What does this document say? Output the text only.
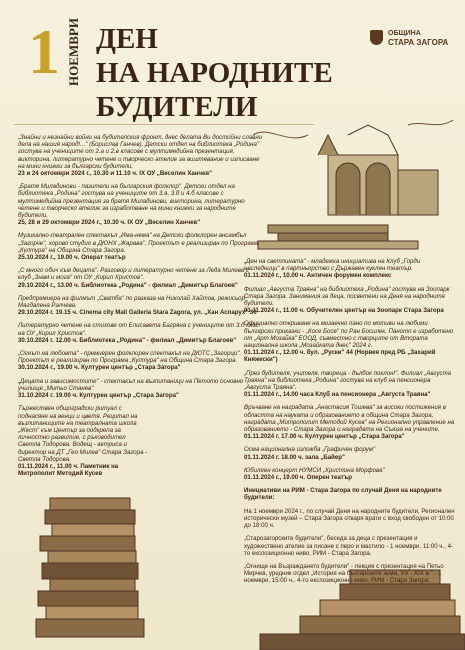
1 НОЕМВРИ ДЕН
НА НАРОДНИТЕ
БУДИТЕЛИ
ОБЩИНА
СТАРА ЗАГОРА

„Знайни и незнайни войни на будителския фронт, днес делата Ви достойни славни дела на нашия народ!..." (Борислав Ганчев). Детски отдел на библиотека „Родина" гостува на учениците от 2.а и 2.в класове с мултимедийна презентация, викторина, литературно четене и творческо ателие за аиштевание и изписване на мини книжки за български будители.
23 и 24 октомври 2024 г., 10.30 и 11.10 ч. IX ОУ „Веселин Ханчев"

„Братя Миладинови - пазители на българския фолклор". Детски отдел на библиотека „Родина" гостува на учениците от 3.а, 3.б и 4.б класове с мултимедийна презентация за братя Миладинови, викторина, литературно четене и творческо ателие за изработване на мини книжки за народните будители.
25, 28 и 29 октомври 2024 г., 10.30 ч. IX ОУ „Веселин Ханчев"

Музикално-театрален спектакъл „Има-нема" на Детски фолклорен ансамбъл „Загорче", хорово студио в ДЮНХ „Жарава". Проектът е реализиран по Програма „Култура" на Община Стара Загора.
25.10.2024 г., 19.00 ч. Операт театър

„С много обич към децата". Разговор и литературно четене за Леда Милева с клуб „Знам и мога" от ОУ „Кирил Христов".
29.10.2024 г., 13.00 ч. Библиотека „Родина" - филиал „Димитър Благоев"

Предпремиера на филмът „Сватба" по разказа на Николай Хайтов, режисьор Магдалена Ралчева.
29.10.2024 г. 19.15 ч. Cinema city Mall Galleria Stara Zagora, ул. „Хан Аспарух" 30

Литературно четене на стихове от Елисавета Багряна с учениците от 3.б клас на ОУ „Кирил Христов".
30.10.2024 г. 12.00 ч. Библиотека „Родина" - филиал „Димитър Благоев"

„Огнът на любовта" - премиерен фолклорен спектакъл на ДЮТС „Загорци". Проектът е реализиран по Програма „Култура" на Община Стара Загора.
30.10.2024 г., 19.00 ч. Културен център „Стара Загора"

„Децата и зависимостите" - спектакъл на възпитаници на Петото основно училище „Митьо Станев"
31.10.2024 г. 19.00 ч. Културен център „Стара Загора"

Тържествен общоградски ритуал с поднасяне на венци и цветя. Рецитал на възпитаниците на театралната школа „Жест" към Център за подкрепа за личностно развитие, с ръководител Светла Тодорова. Водещ - актриса и директор на ДТ „Гео Милев" Стара Загора - Светла Тодорова.
01.11.2024 г., 11.00 ч. Паметник на Митрополит Методий Кусев

„Ден на светлината" - младежка инициатива на Клуб „Горди наследници" в партньорство с Държавен куклен театър.
01.11.2024 г., 10.00 ч. Античен форумен комплекс

Филиал „Августа Траяна" на библиотека „Родина" гостува на Зоопарк Стара Загора. Занимания за деца, посветени на Деня на народните будители.
01.11.2024 г., 11.00 ч. Обучителен център на Зоопарк Стара Загора

Официално откриване на мозаечно пано по мотиви на любими български приказки - „Косе Босе" по Ран Босилек. Паното е изработено от „Арт Мозайка" ЕООД, съвместно с творците от Втората национална школа „Мозайката днес" 2024 г.
01.11.2024 г., 12.00 ч. бул. „Руски" 44 (Норвея пред РБ „Захарий Княжески")

„През будителя, учителя, твореца - дълбок поклон!". Филиал „Августа Траяна" на библиотека „Родина" гостува на клуб на пенсионера „Августа Траяна".
01.11.2024 г., 14.00 часа Клуб на пенсионера „Августа Траяна"

Връчване на наградата „Анастасия Тошева" за високи постижения в областта на науката и образованието в община Стара Загора, наградата „Митрополит Методий Кусев" на Регионално управление на образованието - Стара Загора и наградата на Съюза на учените.
01.11.2024 г. 17.00 ч. Културен център „Стара Загора"

Осма национална изложба „Графичен форум"
01.11.2024 г. 18.00 ч. зала „Байер"

Юбилеен концерт НУМСИ „Христина Морфова"
01.11.2024 г., 19.00 ч. Оперен театър

Инициативи на РИМ - Стара Загора по случай Деня на народните будители:

На 1 ноември 2024 г., по случай Деня на народните будители, Регионален исторически музей – Стара Загора отваря врати с вход свободен от 10:00 до 18:00 ч.

„Старозагорските будители", беседа за деца с презентация и художествено ателие за писане с перо и мастило - 1 ноември, 11:00 ч., 4-то експозиционно ниво, РИМ - Стара Загора.

„Огнище на Възраждането будители" - лекция с презентация на Петьо Мирчев, уредник отдел „История на българските земи, XV - XIX в." - 1 ноември, 15:00 ч., 4-то експозиционно ниво, РИМ - Стара Загора.
